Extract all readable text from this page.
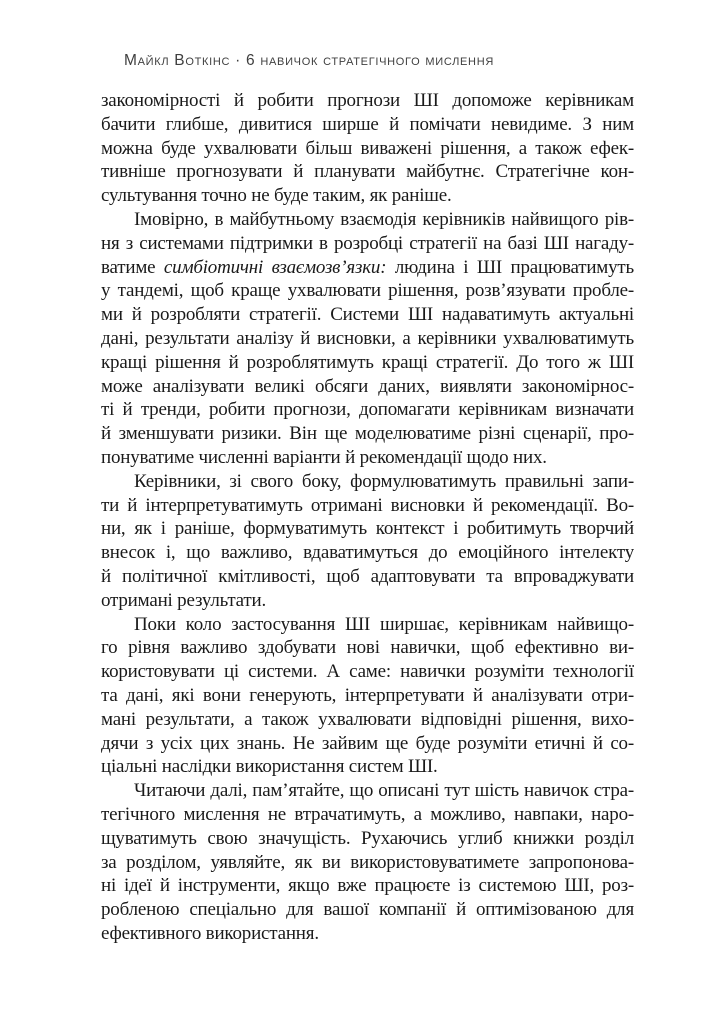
Майкл Воткінс · 6 навичок стратегічного мислення
закономірності й робити прогнози ШІ допоможе керівникам
бачити глибше, дивитися ширше й помічати невидиме. З ним
можна буде ухвалювати більш виважені рішення, а також ефек-
тивніше прогнозувати й планувати майбутнє. Стратегічне кон-
сультування точно не буде таким, як раніше.
Імовірно, в майбутньому взаємодія керівників найвищого рів-
ня з системами підтримки в розробці стратегії на базі ШІ нагаду-
ватиме симбіотичні взаємозв’язки: людина і ШІ працюватимуть
у тандемі, щоб краще ухвалювати рішення, розв’язувати пробле-
ми й розробляти стратегії. Системи ШІ надаватимуть актуальні
дані, результати аналізу й висновки, а керівники ухвалюватимуть
кращі рішення й розроблятимуть кращі стратегії. До того ж ШІ
може аналізувати великі обсяги даних, виявляти закономірнос-
ті й тренди, робити прогнози, допомагати керівникам визначати
й зменшувати ризики. Він ще моделюватиме різні сценарії, про-
понуватиме численні варіанти й рекомендації щодо них.
Керівники, зі свого боку, формулюватимуть правильні запи-
ти й інтерпретуватимуть отримані висновки й рекомендації. Во-
ни, як і раніше, формуватимуть контекст і робитимуть творчий
внесок і, що важливо, вдаватимуться до емоційного інтелекту
й політичної кмітливості, щоб адаптовувати та впроваджувати
отримані результати.
Поки коло застосування ШІ ширшає, керівникам найвищо-
го рівня важливо здобувати нові навички, щоб ефективно ви-
користовувати ці системи. А саме: навички розуміти технології
та дані, які вони генерують, інтерпретувати й аналізувати отри-
мані результати, а також ухвалювати відповідні рішення, вихо-
дячи з усіх цих знань. Не зайвим ще буде розуміти етичні й со-
ціальні наслідки використання систем ШІ.
Читаючи далі, пам’ятайте, що описані тут шість навичок стра-
тегічного мислення не втрачатимуть, а можливо, навпаки, наро-
щуватимуть свою значущість. Рухаючись углиб книжки розділ
за розділом, уявляйте, як ви використовуватимете запропонова-
ні ідеї й інструменти, якщо вже працюєте із системою ШІ, роз-
робленою спеціально для вашої компанії й оптимізованою для
ефективного використання.
